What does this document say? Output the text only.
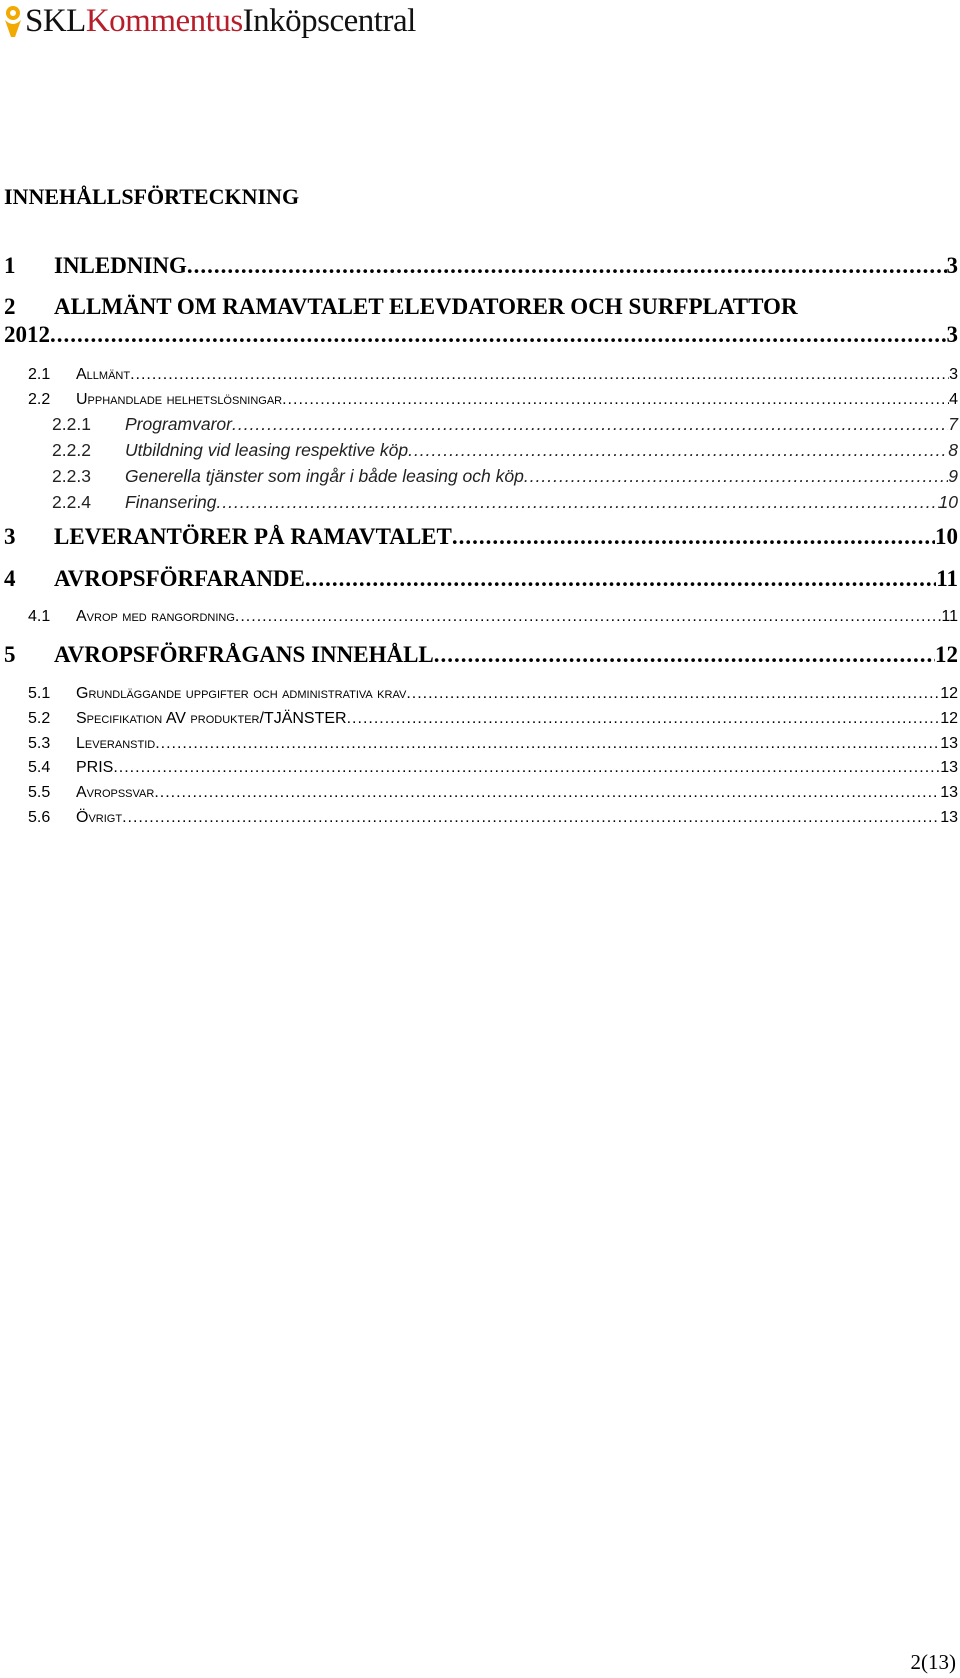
SKLKommentusInköpscentral
INNEHÅLLSFÖRTECKNING
1	INLEDNING .....	3
2	ALLMÄNT OM RAMAVTALET ELEVDATORER OCH SURFPLATTOR
2012 .....	3
2.1	Allmänt .....	3
2.2	Upphandlade helhetslösningar .....	4
2.2.1	Programvaror .....	7
2.2.2	Utbildning vid leasing respektive köp .....	8
2.2.3	Generella tjänster som ingår i både leasing och köp .....	9
2.2.4	Finansering .....	10
3	LEVERANTÖRER PÅ RAMAVTALET .....	10
4	AVROPSFÖRFARANDE .....	11
4.1	Avrop med rangordning .....	11
5	AVROPSFÖRFRÅGANS INNEHÅLL .....	12
5.1	Grundläggande uppgifter och administrativa krav .....	12
5.2	Specifikation AV produkter/TJÄNSTER .....	12
5.3	Leveranstid .....	13
5.4	PRIS .....	13
5.5	Avropssvar .....	13
5.6	Övrigt .....	13
2(13)
